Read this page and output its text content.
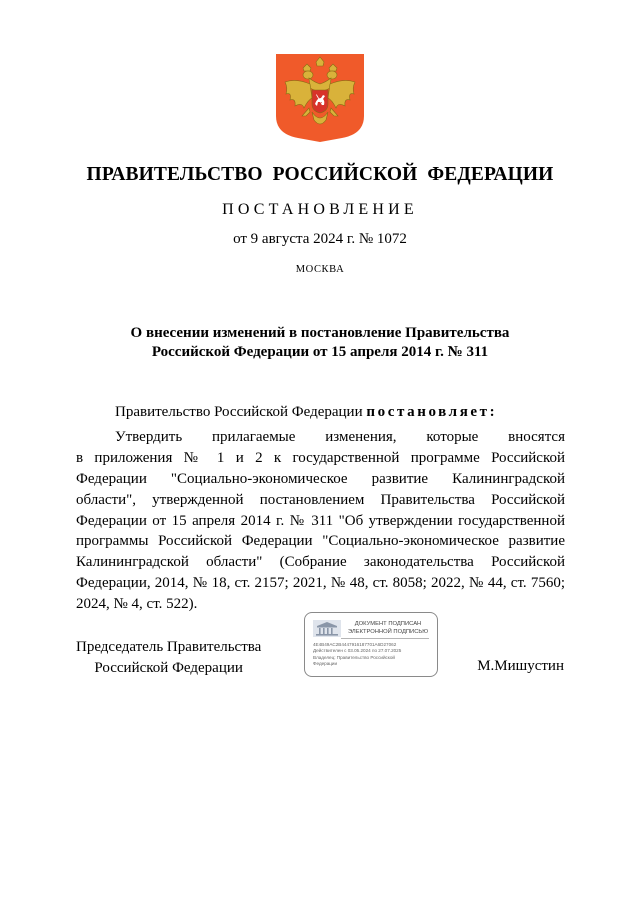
ПРАВИТЕЛЬСТВО РОССИЙСКОЙ ФЕДЕРАЦИИ
ПОСТАНОВЛЕНИЕ
от 9 августа 2024 г. № 1072
МОСКВА
О внесении изменений в постановление Правительства
Российской Федерации от 15 апреля 2014 г. № 311
Правительство Российской Федерации постановляет:
Утвердить прилагаемые изменения, которые вносятся
в приложения № 1 и 2 к государственной программе Российской
Федерации "Социально-экономическое развитие Калининградской
области", утвержденной постановлением Правительства Российской
Федерации от 15 апреля 2014 г. № 311 "Об утверждении государственной
программы Российской Федерации "Социально-экономическое развитие
Калининградской области" (Собрание законодательства Российской
Федерации, 2014, № 18, ст. 2157; 2021, № 48, ст. 8058; 2022, № 44, ст. 7560;
2024, № 4, ст. 522).
Председатель Правительства
Российской Федерации
ДОКУМЕНТ ПОДПИСАН
ЭЛЕКТРОННОЙ ПОДПИСЬЮ
4E4B49AC2B4447916187701A6D27062
Действителен с 03.05.2024 по 27.07.2025
Владелец: Правительство Российской
Федерации	М.Мишустин
